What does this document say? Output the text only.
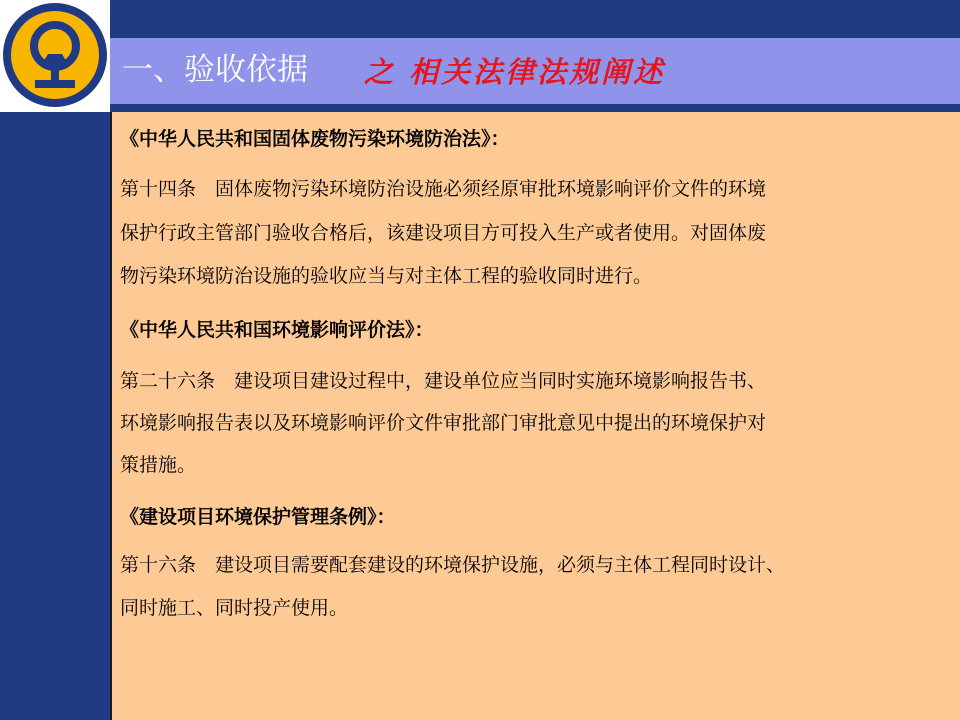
一、验收依据 之 相关法律法规阐述
《中华人民共和国固体废物污染环境防治法》：
第十四条　固体废物污染环境防治设施必须经原审批环境影响评价文件的环境
保护行政主管部门验收合格后，该建设项目方可投入生产或者使用。对固体废
物污染环境防治设施的验收应当与对主体工程的验收同时进行。
《中华人民共和国环境影响评价法》：
第二十六条　建设项目建设过程中，建设单位应当同时实施环境影响报告书、
环境影响报告表以及环境影响评价文件审批部门审批意见中提出的环境保护对
策措施。
《建设项目环境保护管理条例》：
第十六条　建设项目需要配套建设的环境保护设施，必须与主体工程同时设计、
同时施工、同时投产使用。
